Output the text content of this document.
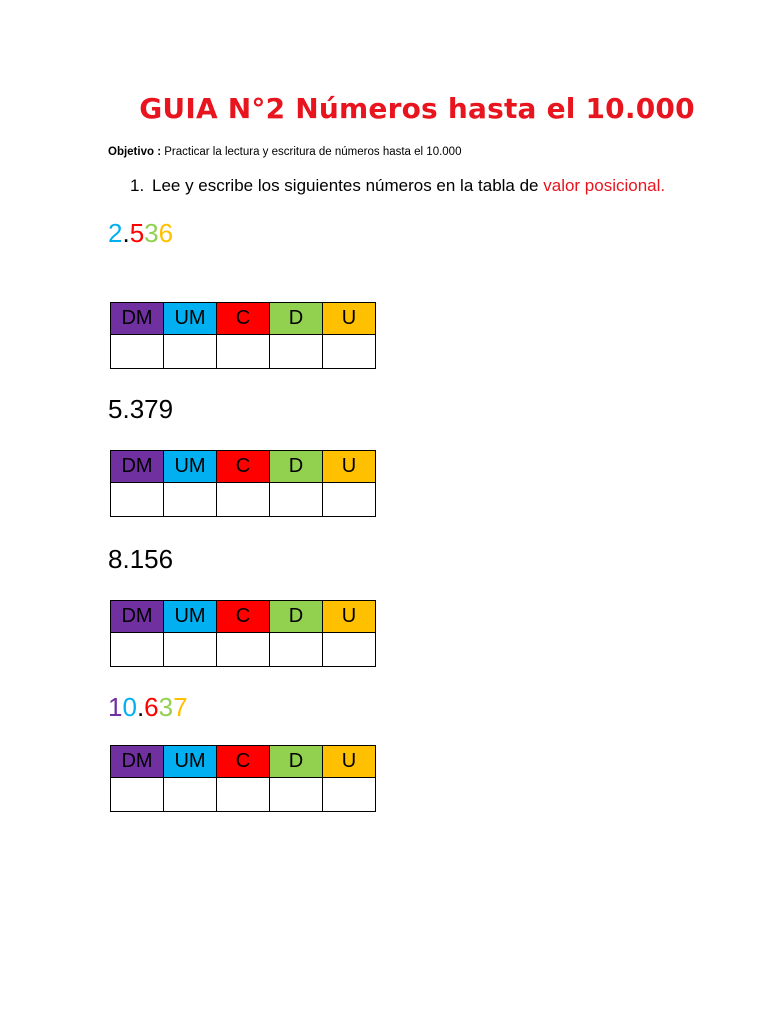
GUIA N°2 Números hasta el 10.000
Objetivo : Practicar la lectura y escritura de números hasta el 10.000
1. Lee y escribe los siguientes números en la tabla de valor posicional.
2.536
DM	UM	C	D	U

5.379
DM	UM	C	D	U

8.156
DM	UM	C	D	U

10.637
DM	UM	C	D	U
